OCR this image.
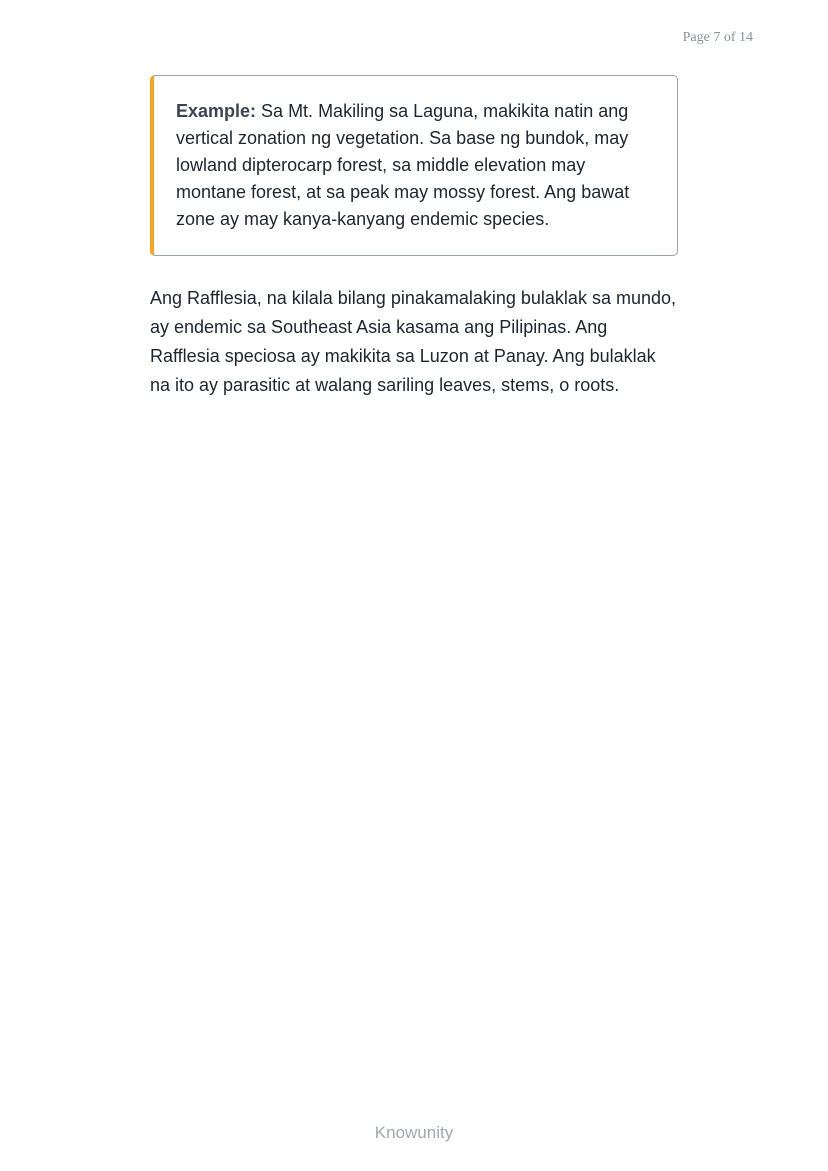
Page 7 of 14
Example: Sa Mt. Makiling sa Laguna, makikita natin ang vertical zonation ng vegetation. Sa base ng bundok, may lowland dipterocarp forest, sa middle elevation may montane forest, at sa peak may mossy forest. Ang bawat zone ay may kanya-kanyang endemic species.

Ang Rafflesia, na kilala bilang pinakamalaking bulaklak sa mundo, ay endemic sa Southeast Asia kasama ang Pilipinas. Ang Rafflesia speciosa ay makikita sa Luzon at Panay. Ang bulaklak na ito ay parasitic at walang sariling leaves, stems, o roots.

Knowunity
